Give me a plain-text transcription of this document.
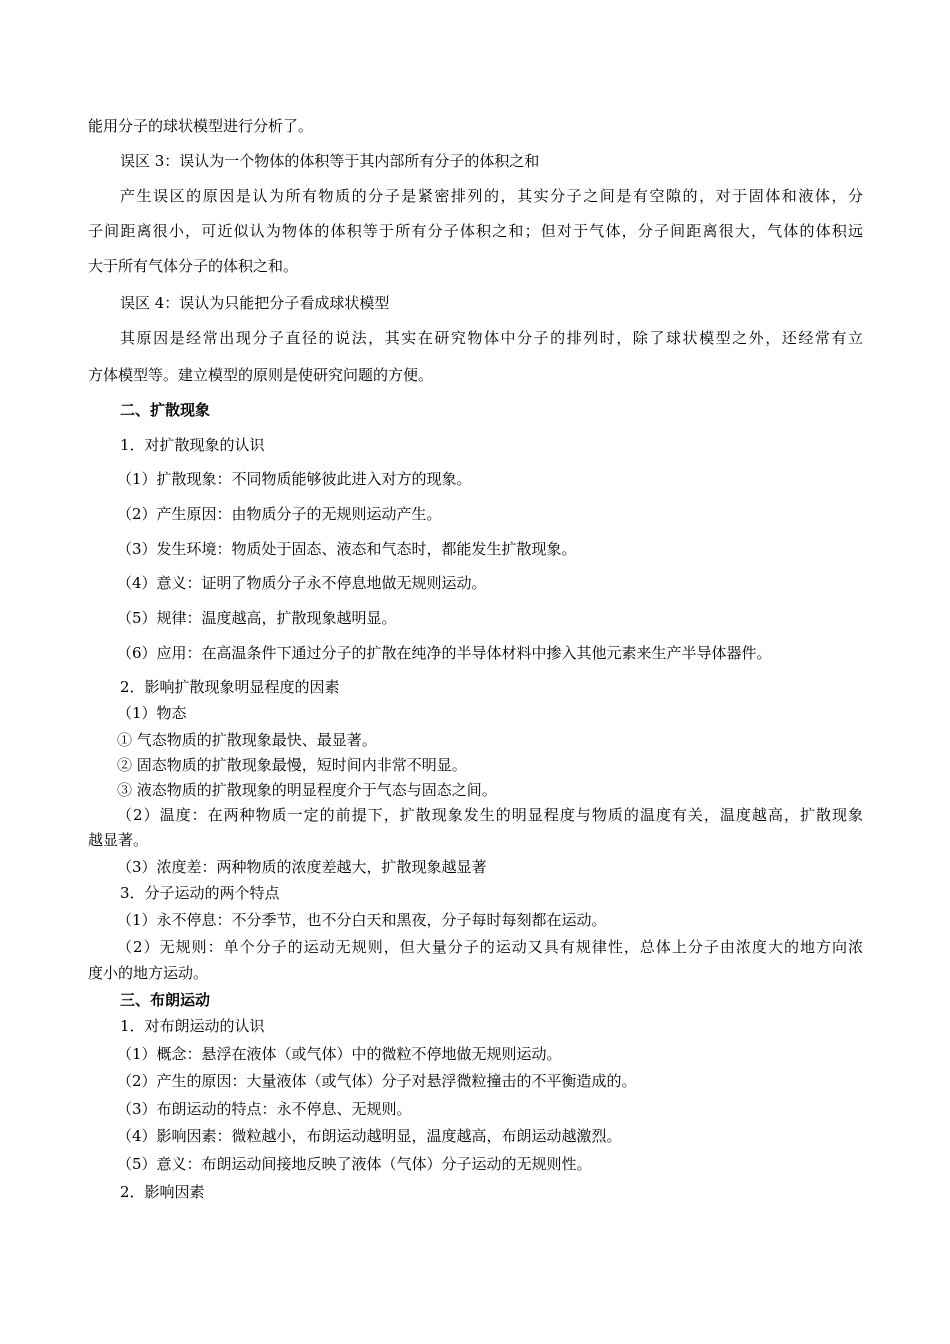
能用分子的球状模型进行分析了。
误区 3：误认为一个物体的体积等于其内部所有分子的体积之和
产生误区的原因是认为所有物质的分子是紧密排列的，其实分子之间是有空隙的，对于固体和液体，分
子间距离很小，可近似认为物体的体积等于所有分子体积之和；但对于气体，分子间距离很大，气体的体积远
大于所有气体分子的体积之和。
误区 4：误认为只能把分子看成球状模型
其原因是经常出现分子直径的说法，其实在研究物体中分子的排列时，除了球状模型之外，还经常有立
方体模型等。建立模型的原则是使研究问题的方便。
二、扩散现象
1．对扩散现象的认识
（1）扩散现象：不同物质能够彼此进入对方的现象。
（2）产生原因：由物质分子的无规则运动产生。
（3）发生环境：物质处于固态、液态和气态时，都能发生扩散现象。
（4）意义：证明了物质分子永不停息地做无规则运动。
（5）规律：温度越高，扩散现象越明显。
（6）应用：在高温条件下通过分子的扩散在纯净的半导体材料中掺入其他元素来生产半导体器件。
2．影响扩散现象明显程度的因素
（1）物态
① 气态物质的扩散现象最快、最显著。
② 固态物质的扩散现象最慢，短时间内非常不明显。
③ 液态物质的扩散现象的明显程度介于气态与固态之间。
（2）温度：在两种物质一定的前提下，扩散现象发生的明显程度与物质的温度有关，温度越高，扩散现象
越显著。
（3）浓度差：两种物质的浓度差越大，扩散现象越显著
3．分子运动的两个特点
（1）永不停息：不分季节，也不分白天和黑夜，分子每时每刻都在运动。
（2）无规则：单个分子的运动无规则，但大量分子的运动又具有规律性，总体上分子由浓度大的地方向浓
度小的地方运动。
三、布朗运动
1．对布朗运动的认识
（1）概念：悬浮在液体（或气体）中的微粒不停地做无规则运动。
（2）产生的原因：大量液体（或气体）分子对悬浮微粒撞击的不平衡造成的。
（3）布朗运动的特点：永不停息、无规则。
（4）影响因素：微粒越小，布朗运动越明显，温度越高，布朗运动越激烈。
（5）意义：布朗运动间接地反映了液体（气体）分子运动的无规则性。
2．影响因素
